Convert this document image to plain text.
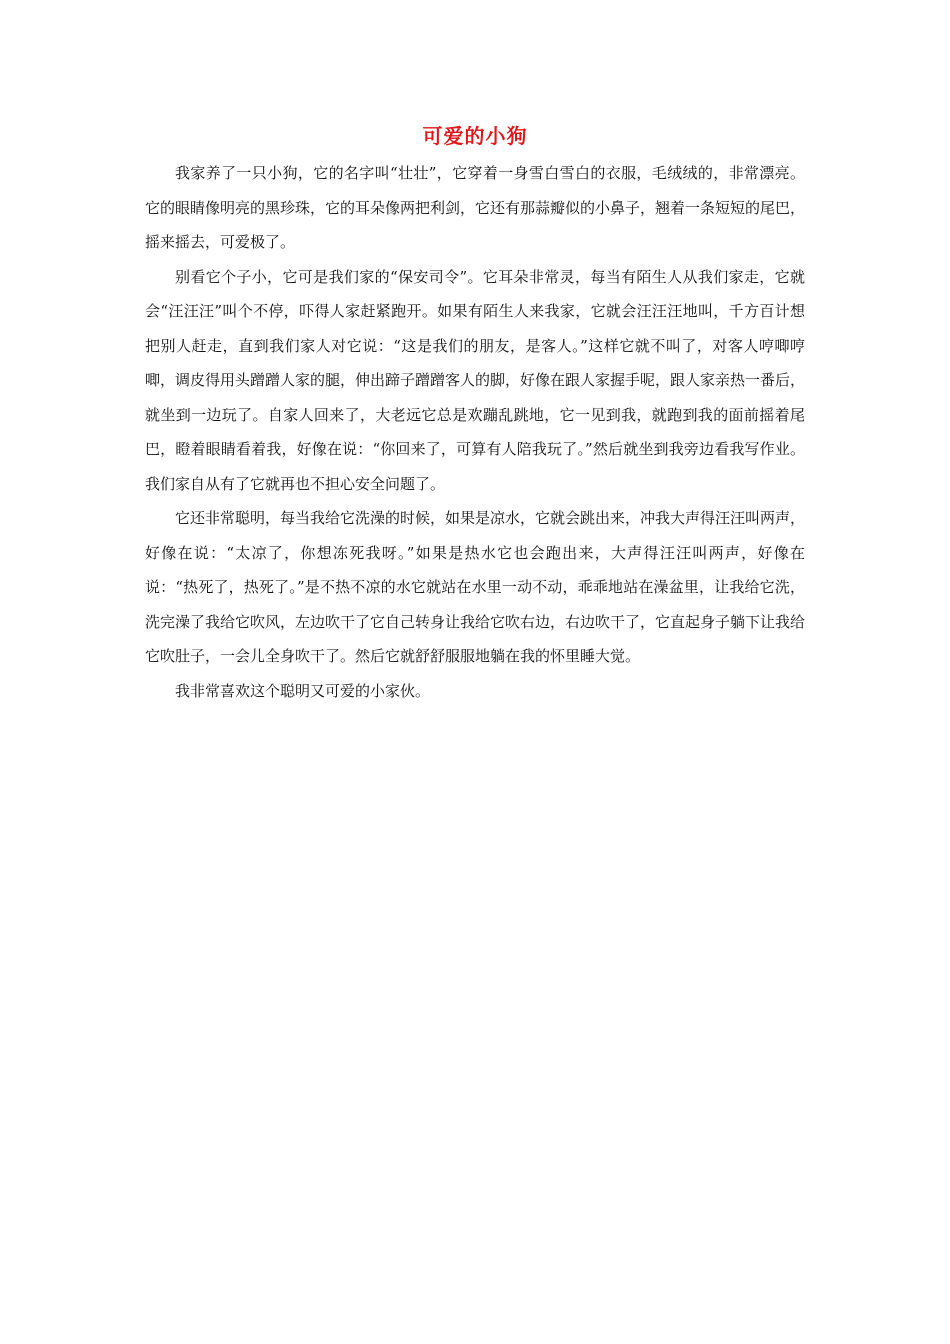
可爱的小狗

我家养了一只小狗，它的名字叫“壮壮”，它穿着一身雪白雪白的衣服，毛绒绒的，非常漂亮。它的眼睛像明亮的黑珍珠，它的耳朵像两把利剑，它还有那蒜瓣似的小鼻子，翘着一条短短的尾巴，摇来摇去，可爱极了。

别看它个子小，它可是我们家的“保安司令”。它耳朵非常灵，每当有陌生人从我们家走，它就会“汪汪汪”叫个不停，吓得人家赶紧跑开。如果有陌生人来我家，它就会汪汪汪地叫，千方百计想把别人赶走，直到我们家人对它说：“这是我们的朋友，是客人。”这样它就不叫了，对客人哼唧哼唧，调皮得用头蹭蹭人家的腿，伸出蹄子蹭蹭客人的脚，好像在跟人家握手呢，跟人家亲热一番后，就坐到一边玩了。自家人回来了，大老远它总是欢蹦乱跳地，它一见到我，就跑到我的面前摇着尾巴，瞪着眼睛看着我，好像在说：“你回来了，可算有人陪我玩了。”然后就坐到我旁边看我写作业。我们家自从有了它就再也不担心安全问题了。

它还非常聪明，每当我给它洗澡的时候，如果是凉水，它就会跳出来，冲我大声得汪汪叫两声，好像在说：“太凉了，你想冻死我呀。”如果是热水它也会跑出来，大声得汪汪叫两声，好像在说：“热死了，热死了。”是不热不凉的水它就站在水里一动不动，乖乖地站在澡盆里，让我给它洗，洗完澡了我给它吹风，左边吹干了它自己转身让我给它吹右边，右边吹干了，它直起身子躺下让我给它吹肚子，一会儿全身吹干了。然后它就舒舒服服地躺在我的怀里睡大觉。

我非常喜欢这个聪明又可爱的小家伙。
